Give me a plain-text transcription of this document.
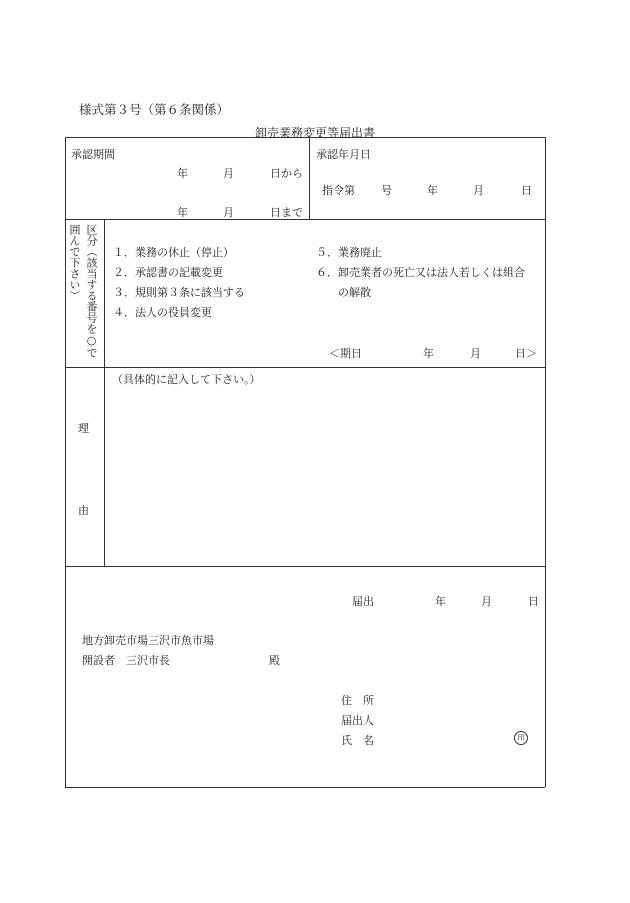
様式第３号（第６条関係）
卸売業務変更等届出書
承認期間
年	月	日から
年	月	日まで
承認年月日
指令第 号	年	月	日
区分（該当する番号を○で
囲んで下さい）	１．業務の休止（停止）
２．承認書の記載変更
３．規則第３条に該当する
４．法人の役員変更
５．業務廃止
６．卸売業者の死亡又は法人若しくは組合
の解散
＜期日	年	月	日＞
理
由
（具体的に記入して下さい。）
届出	年	月	日
地方卸売市場三沢市魚市場
開設者　三沢市長	殿
住　所
届出人
氏　名	印
